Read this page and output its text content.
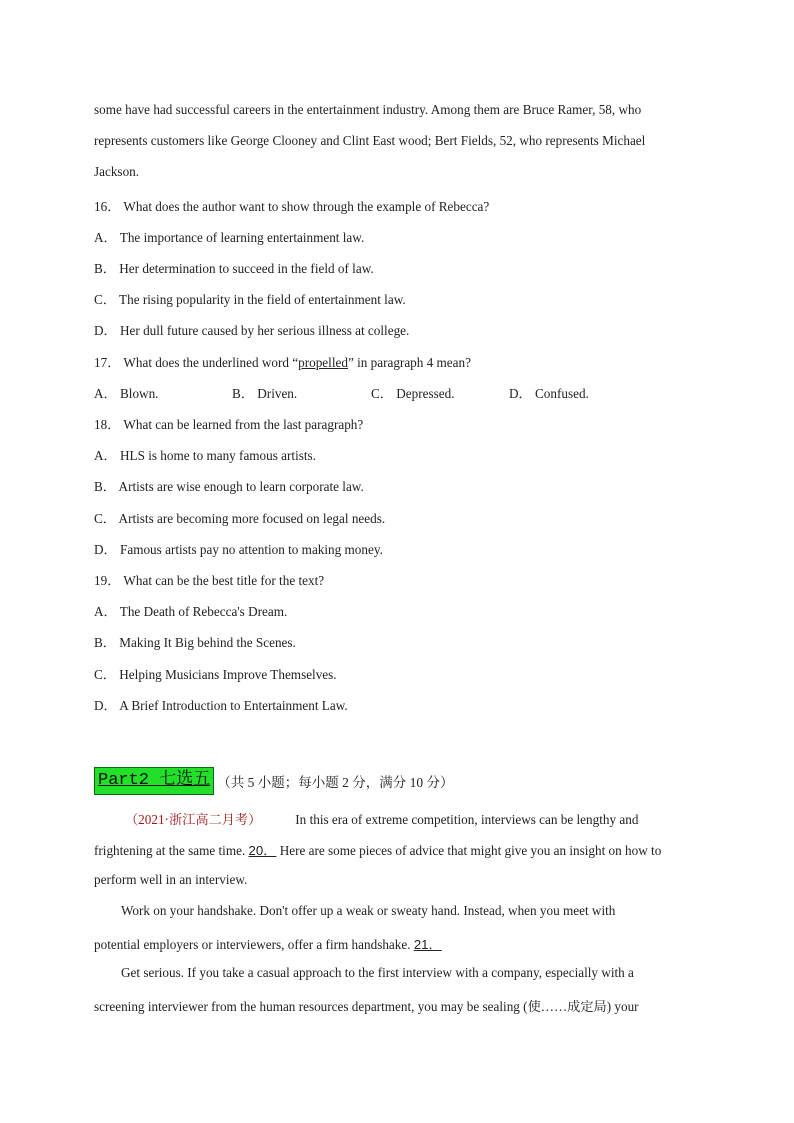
some have had successful careers in the entertainment industry. Among them are Bruce Ramer, 58, who
represents customers like George Clooney and Clint East wood; Bert Fields, 52, who represents Michael
Jackson.
16． What does the author want to show through the example of Rebecca?
A． The importance of learning entertainment law.
B． Her determination to succeed in the field of law.
C． The rising popularity in the field of entertainment law.
D． Her dull future caused by her serious illness at college.
17． What does the underlined word “propelled” in paragraph 4 mean?
A． Blown.	B． Driven.	C． Depressed.	D． Confused.
18． What can be learned from the last paragraph?
A． HLS is home to many famous artists.
B． Artists are wise enough to learn corporate law.
C． Artists are becoming more focused on legal needs.
D． Famous artists pay no attention to making money.
19． What can be the best title for the text?
A． The Death of Rebecca's Dream.
B． Making It Big behind the Scenes.
C． Helping Musicians Improve Themselves.
D． A Brief Introduction to Entertainment Law.
Part2 七选五 （共 5 小题；每小题 2 分，满分 10 分）
（2021·浙江高二月考）	In this era of extreme competition, interviews can be lengthy and
frightening at the same time. 20． Here are some pieces of advice that might give you an insight on how to
perform well in an interview.
Work on your handshake. Don't offer up a weak or sweaty hand. Instead, when you meet with
potential employers or interviewers, offer a firm handshake. 21．
Get serious. If you take a casual approach to the first interview with a company, especially with a
screening interviewer from the human resources department, you may be sealing (使……成定局) your
